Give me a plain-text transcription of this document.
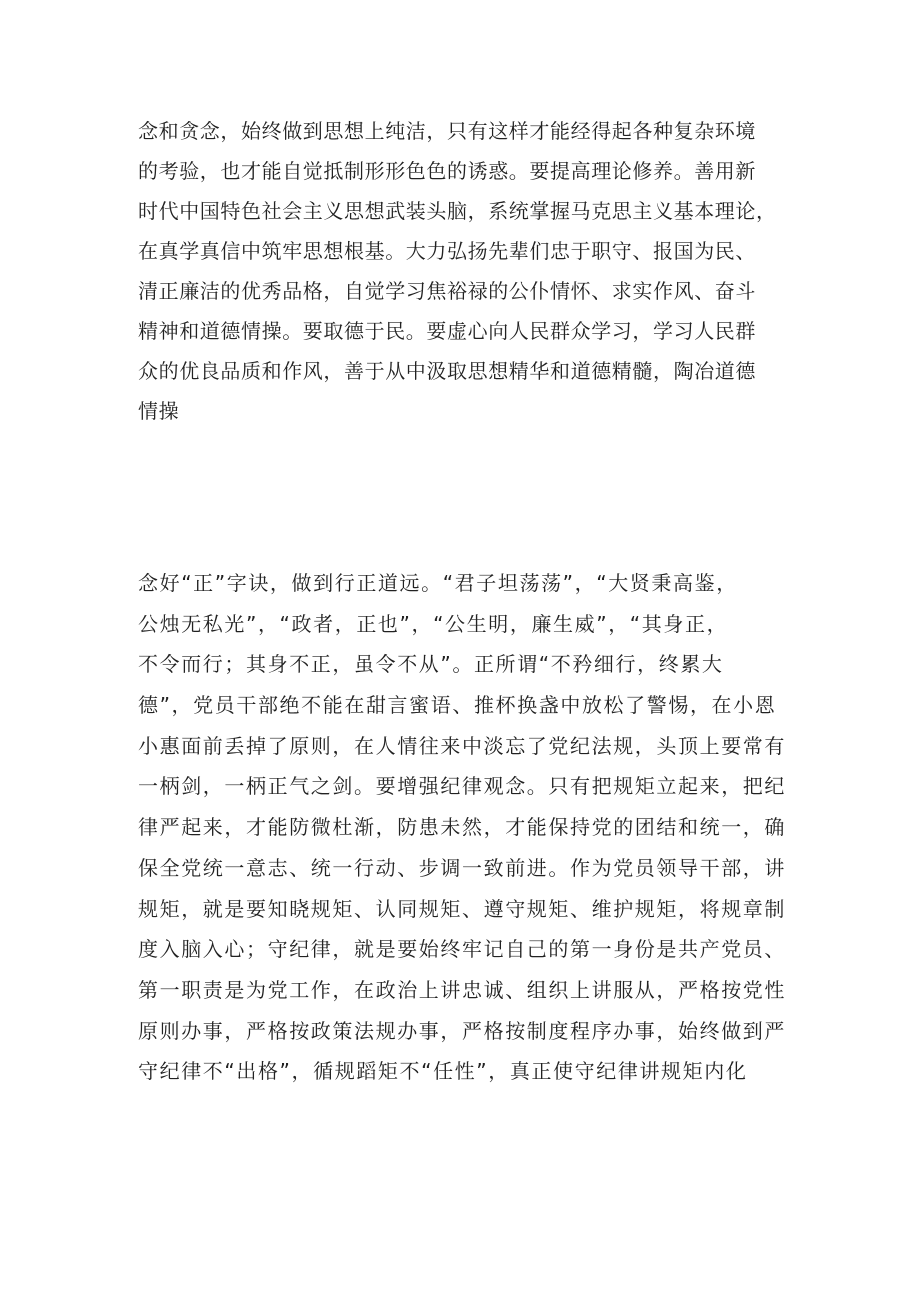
念和贪念，始终做到思想上纯洁，只有这样才能经得起各种复杂环境
的考验，也才能自觉抵制形形色色的诱惑。要提高理论修养。善用新
时代中国特色社会主义思想武装头脑，系统掌握马克思主义基本理论，
在真学真信中筑牢思想根基。大力弘扬先辈们忠于职守、报国为民、
清正廉洁的优秀品格，自觉学习焦裕禄的公仆情怀、求实作风、奋斗
精神和道德情操。要取德于民。要虚心向人民群众学习，学习人民群
众的优良品质和作风，善于从中汲取思想精华和道德精髓，陶冶道德
情操
念好“正”字诀，做到行正道远。“君子坦荡荡”，“大贤秉高鉴，
公烛无私光”，“政者，正也”，“公生明，廉生威”，“其身正，
不令而行；其身不正，虽令不从”。正所谓“不矜细行，终累大
德”，党员干部绝不能在甜言蜜语、推杯换盏中放松了警惕，在小恩
小惠面前丢掉了原则，在人情往来中淡忘了党纪法规，头顶上要常有
一柄剑，一柄正气之剑。要增强纪律观念。只有把规矩立起来，把纪
律严起来，才能防微杜渐，防患未然，才能保持党的团结和统一，确
保全党统一意志、统一行动、步调一致前进。作为党员领导干部，讲
规矩，就是要知晓规矩、认同规矩、遵守规矩、维护规矩，将规章制
度入脑入心；守纪律，就是要始终牢记自己的第一身份是共产党员、
第一职责是为党工作，在政治上讲忠诚、组织上讲服从，严格按党性
原则办事，严格按政策法规办事，严格按制度程序办事，始终做到严
守纪律不“出格”，循规蹈矩不“任性”，真正使守纪律讲规矩内化
